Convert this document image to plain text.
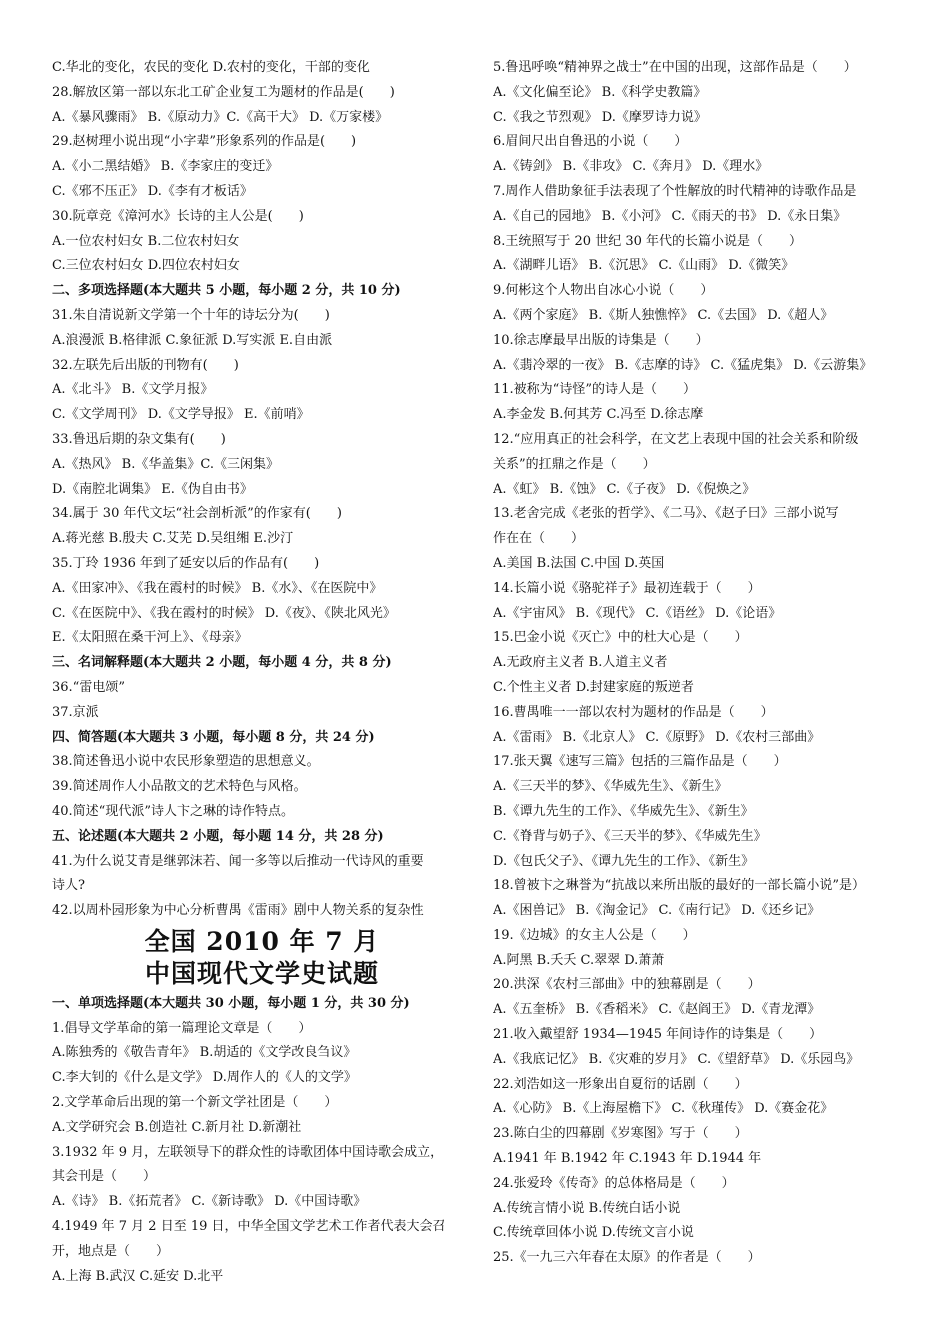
C.华北的变化，农民的变化 D.农村的变化，干部的变化
28.解放区第一部以东北工矿企业复工为题材的作品是(　　)
A.《暴风骤雨》 B.《原动力》C.《高干大》 D.《万家楼》
29.赵树理小说出现“小字辈”形象系列的作品是(　　)
A.《小二黑结婚》 B.《李家庄的变迁》
C.《邪不压正》 D.《李有才板话》
30.阮章竞《漳河水》长诗的主人公是(　　)
A.一位农村妇女 B.二位农村妇女
C.三位农村妇女 D.四位农村妇女
二、多项选择题(本大题共 5 小题，每小题 2 分，共 10 分)
31.朱自清说新文学第一个十年的诗坛分为(　　)
A.浪漫派 B.格律派 C.象征派 D.写实派 E.自由派
32.左联先后出版的刊物有(　　)
A.《北斗》 B.《文学月报》
C.《文学周刊》 D.《文学导报》 E.《前哨》
33.鲁迅后期的杂文集有(　　)
A.《热风》 B.《华盖集》C.《三闲集》
D.《南腔北调集》 E.《伪自由书》
34.属于 30 年代文坛“社会剖析派”的作家有(　　)
A.蒋光慈 B.殷夫 C.艾芜 D.吴组缃 E.沙汀
35.丁玲 1936 年到了延安以后的作品有(　　)
A.《田家冲》、《我在霞村的时候》 B.《水》、《在医院中》
C.《在医院中》、《我在霞村的时候》 D.《夜》、《陕北风光》
E.《太阳照在桑干河上》、《母亲》
三、名词解释题(本大题共 2 小题，每小题 4 分，共 8 分)
36.“雷电颂”
37.京派
四、简答题(本大题共 3 小题，每小题 8 分，共 24 分)
38.简述鲁迅小说中农民形象塑造的思想意义。
39.简述周作人小品散文的艺术特色与风格。
40.简述“现代派”诗人卞之琳的诗作特点。
五、论述题(本大题共 2 小题，每小题 14 分，共 28 分)
41.为什么说艾青是继郭沫若、闻一多等以后推动一代诗风的重要
诗人?
42.以周朴园形象为中心分析曹禺《雷雨》剧中人物关系的复杂性
全国 2010 年 7 月
中国现代文学史试题
一、单项选择题(本大题共 30 小题，每小题 1 分，共 30 分)
1.倡导文学革命的第一篇理论文章是（　　）
A.陈独秀的《敬告青年》 B.胡适的《文学改良刍议》
C.李大钊的《什么是文学》 D.周作人的《人的文学》
2.文学革命后出现的第一个新文学社团是（　　）
A.文学研究会 B.创造社 C.新月社 D.新潮社
3.1932 年 9 月，左联领导下的群众性的诗歌团体中国诗歌会成立，
其会刊是（　　）
A.《诗》 B.《拓荒者》 C.《新诗歌》 D.《中国诗歌》
4.1949 年 7 月 2 日至 19 日，中华全国文学艺术工作者代表大会召
开，地点是（　　）
A.上海 B.武汉 C.延安 D.北平
5.鲁迅呼唤“精神界之战士”在中国的出现，这部作品是（　　）
A.《文化偏至论》 B.《科学史教篇》
C.《我之节烈观》 D.《摩罗诗力说》
6.眉间尺出自鲁迅的小说（　　）
A.《铸剑》 B.《非攻》 C.《奔月》 D.《理水》
7.周作人借助象征手法表现了个性解放的时代精神的诗歌作品是
A.《自己的园地》 B.《小河》 C.《雨天的书》 D.《永日集》
8.王统照写于 20 世纪 30 年代的长篇小说是（　　）
A.《湖畔儿语》 B.《沉思》 C.《山雨》 D.《微笑》
9.何彬这个人物出自冰心小说（　　）
A.《两个家庭》 B.《斯人独憔悴》 C.《去国》 D.《超人》
10.徐志摩最早出版的诗集是（　　）
A.《翡冷翠的一夜》 B.《志摩的诗》 C.《猛虎集》 D.《云游集》
11.被称为“诗怪”的诗人是（　　）
A.李金发 B.何其芳 C.冯至 D.徐志摩
12.“应用真正的社会科学，在文艺上表现中国的社会关系和阶级
关系”的扛鼎之作是（　　）
A.《虹》 B.《蚀》 C.《子夜》 D.《倪焕之》
13.老舍完成《老张的哲学》、《二马》、《赵子曰》三部小说写
作在在（　　）
A.美国 B.法国 C.中国 D.英国
14.长篇小说《骆驼祥子》最初连载于（　　）
A.《宇宙风》 B.《现代》 C.《语丝》 D.《论语》
15.巴金小说《灭亡》中的杜大心是（　　）
A.无政府主义者 B.人道主义者
C.个性主义者 D.封建家庭的叛逆者
16.曹禺唯一一部以农村为题材的作品是（　　）
A.《雷雨》 B.《北京人》 C.《原野》 D.《农村三部曲》
17.张天翼《速写三篇》包括的三篇作品是（　　）
A.《三天半的梦》、《华威先生》、《新生》
B.《谭九先生的工作》、《华威先生》、《新生》
C.《脊背与奶子》、《三天半的梦》、《华威先生》
D.《包氏父子》、《谭九先生的工作》、《新生》
18.曾被卞之琳誉为“抗战以来所出版的最好的一部长篇小说”是）
A.《困兽记》 B.《淘金记》 C.《南行记》 D.《还乡记》
19.《边城》的女主人公是（　　）
A.阿黑 B.夭夭 C.翠翠 D.萧萧
20.洪深《农村三部曲》中的独幕剧是（　　）
A.《五奎桥》 B.《香稻米》 C.《赵阎王》 D.《青龙潭》
21.收入戴望舒 1934—1945 年间诗作的诗集是（　　）
A.《我底记忆》 B.《灾难的岁月》 C.《望舒草》 D.《乐园鸟》
22.刘浩如这一形象出自夏衍的话剧（　　）
A.《心防》 B.《上海屋檐下》 C.《秋瑾传》 D.《赛金花》
23.陈白尘的四幕剧《岁寒图》写于（　　）
A.1941 年 B.1942 年 C.1943 年 D.1944 年
24.张爱玲《传奇》的总体格局是（　　）
A.传统言情小说 B.传统白话小说
C.传统章回体小说 D.传统文言小说
25.《一九三六年春在太原》的作者是（　　）
